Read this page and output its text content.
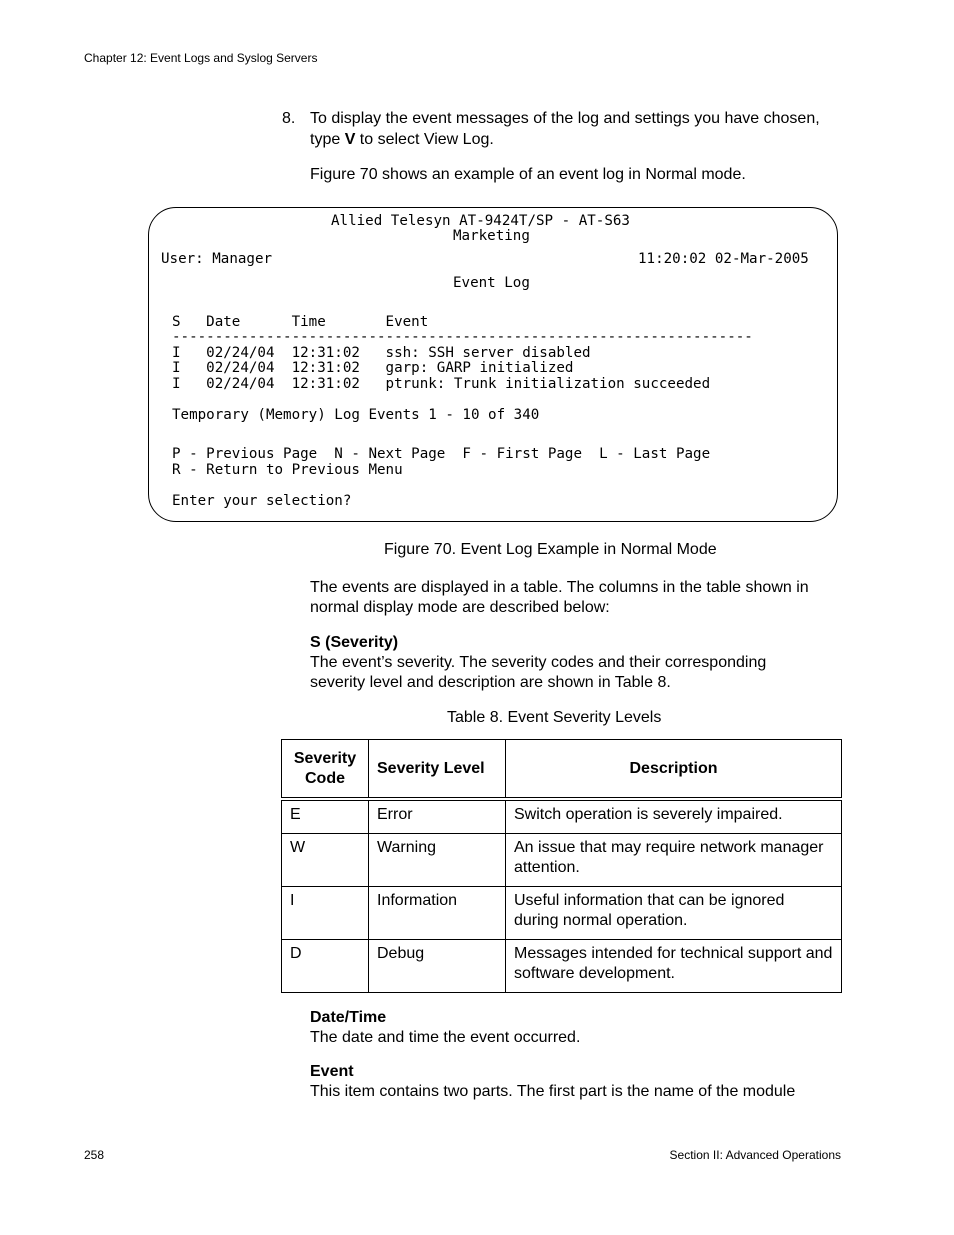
Chapter 12: Event Logs and Syslog Servers
8. To display the event messages of the log and settings you have chosen, type V to select View Log.
Figure 70 shows an example of an event log in Normal mode.
Allied Telesyn AT-9424T/SP - AT-S63
Marketing
User: Manager	11:20:02 02-Mar-2005
Event Log
S   Date      Time       Event
--------------------------------------------------------------------
I   02/24/04  12:31:02   ssh: SSH server disabled
I   02/24/04  12:31:02   garp: GARP initialized
I   02/24/04  12:31:02   ptrunk: Trunk initialization succeeded
Temporary (Memory) Log Events 1 - 10 of 340
P - Previous Page  N - Next Page  F - First Page  L - Last Page
R - Return to Previous Menu
Enter your selection?
Figure 70. Event Log Example in Normal Mode
The events are displayed in a table. The columns in the table shown in normal display mode are described below:
S (Severity)
The event’s severity. The severity codes and their corresponding severity level and description are shown in Table 8.
Table 8. Event Severity Levels
Severity Code	Severity Level	Description
E	Error	Switch operation is severely impaired.
W	Warning	An issue that may require network manager attention.
I	Information	Useful information that can be ignored during normal operation.
D	Debug	Messages intended for technical support and software development.
Date/Time
The date and time the event occurred.
Event
This item contains two parts. The first part is the name of the module
258	Section II: Advanced Operations
